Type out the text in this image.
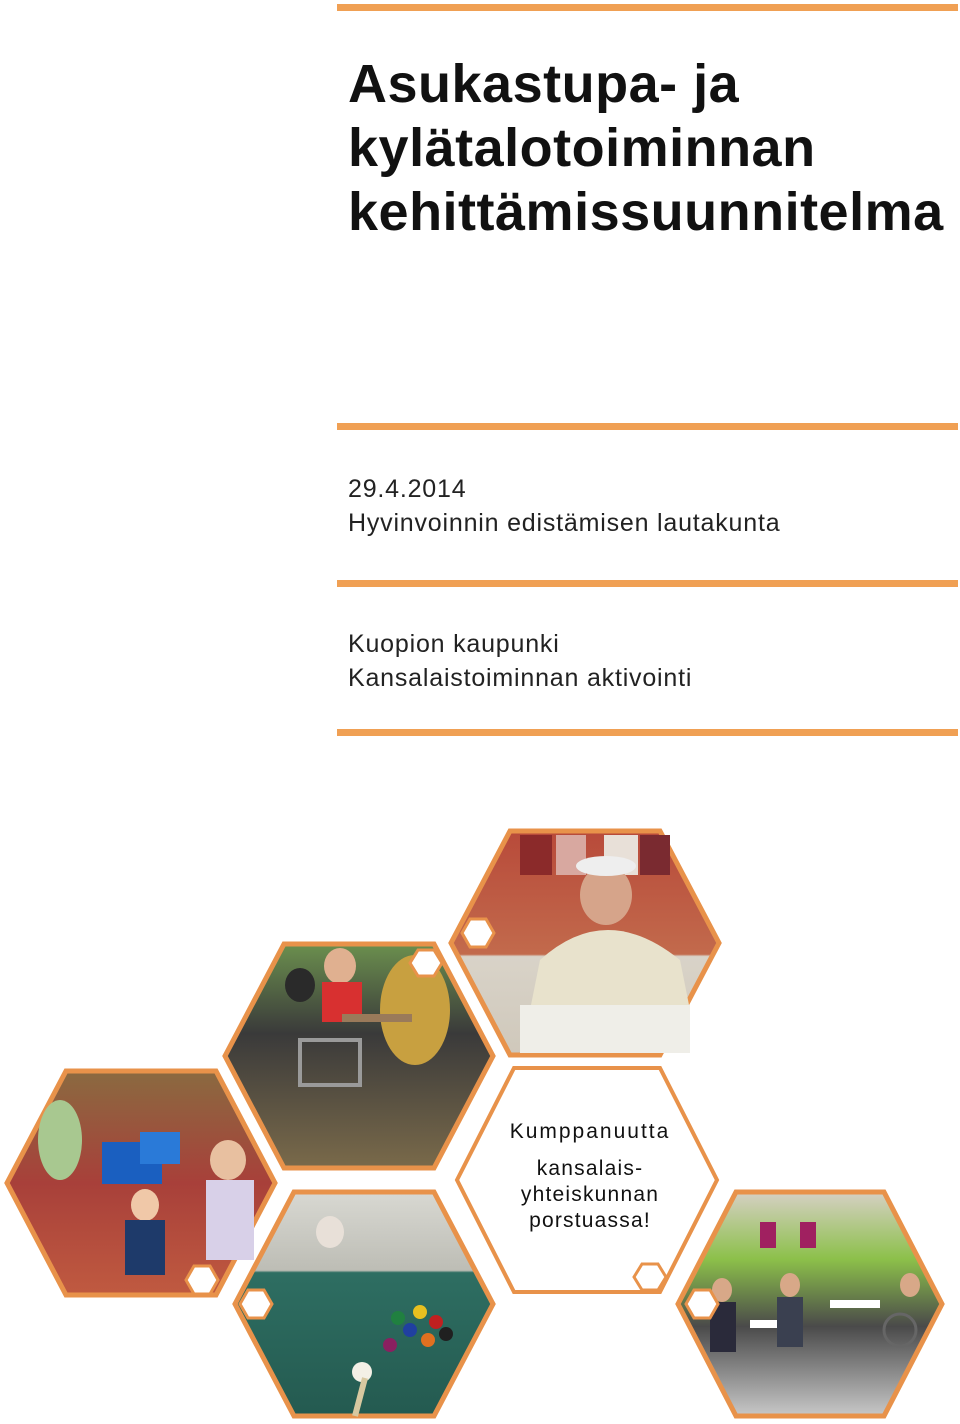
Asukastupa- ja
kylätalotoiminnan
kehittämissuunnitelma
29.4.2014
Hyvinvoinnin edistämisen lautakunta
Kuopion kaupunki
Kansalaistoiminnan aktivointi
Kumppanuutta
kansalais-
yhteiskunnan
porstuassa!
